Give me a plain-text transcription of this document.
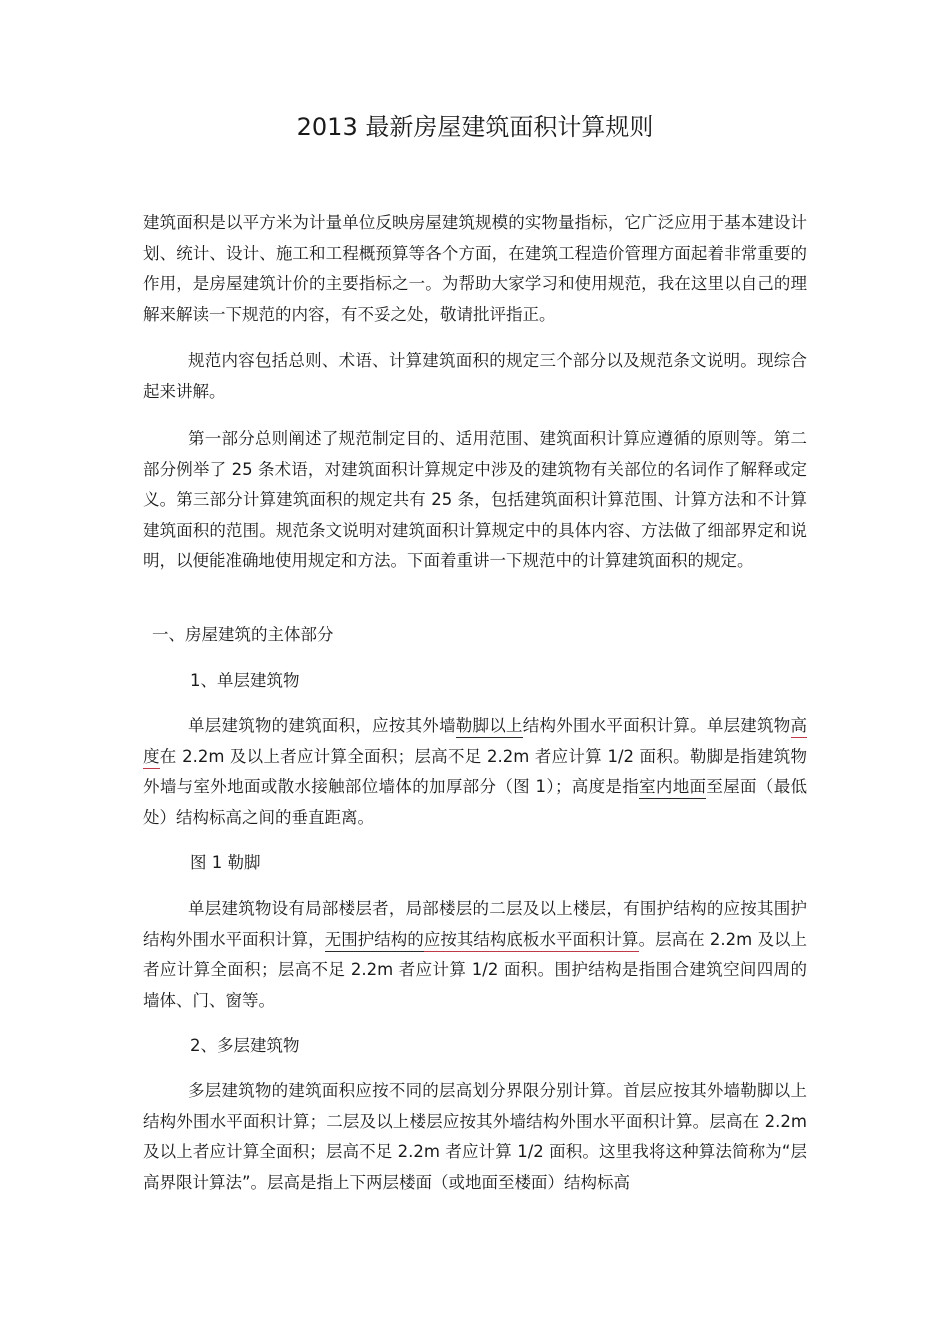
2013 最新房屋建筑面积计算规则

建筑面积是以平方米为计量单位反映房屋建筑规模的实物量指标，它广泛应用于基本建设计划、统计、设计、施工和工程概预算等各个方面，在建筑工程造价管理方面起着非常重要的作用，是房屋建筑计价的主要指标之一。为帮助大家学习和使用规范，我在这里以自己的理解来解读一下规范的内容，有不妥之处，敬请批评指正。

规范内容包括总则、术语、计算建筑面积的规定三个部分以及规范条文说明。现综合起来讲解。

第一部分总则阐述了规范制定目的、适用范围、建筑面积计算应遵循的原则等。第二部分例举了 25 条术语，对建筑面积计算规定中涉及的建筑物有关部位的名词作了解释或定义。第三部分计算建筑面积的规定共有 25 条，包括建筑面积计算范围、计算方法和不计算建筑面积的范围。规范条文说明对建筑面积计算规定中的具体内容、方法做了细部界定和说明，以便能准确地使用规定和方法。下面着重讲一下规范中的计算建筑面积的规定。

一、房屋建筑的主体部分

1、单层建筑物

单层建筑物的建筑面积，应按其外墙勒脚以上结构外围水平面积计算。单层建筑物高度在 2.2m 及以上者应计算全面积；层高不足 2.2m 者应计算 1/2 面积。勒脚是指建筑物外墙与室外地面或散水接触部位墙体的加厚部分（图 1）；高度是指室内地面至屋面（最低处）结构标高之间的垂直距离。

图 1 勒脚

单层建筑物设有局部楼层者，局部楼层的二层及以上楼层，有围护结构的应按其围护结构外围水平面积计算，无围护结构的应按其结构底板水平面积计算。层高在 2.2m 及以上者应计算全面积；层高不足 2.2m 者应计算 1/2 面积。围护结构是指围合建筑空间四周的墙体、门、窗等。

2、多层建筑物

多层建筑物的建筑面积应按不同的层高划分界限分别计算。首层应按其外墙勒脚以上结构外围水平面积计算；二层及以上楼层应按其外墙结构外围水平面积计算。层高在 2.2m 及以上者应计算全面积；层高不足 2.2m 者应计算 1/2 面积。这里我将这种算法简称为“层高界限计算法”。层高是指上下两层楼面（或地面至楼面）结构标高
